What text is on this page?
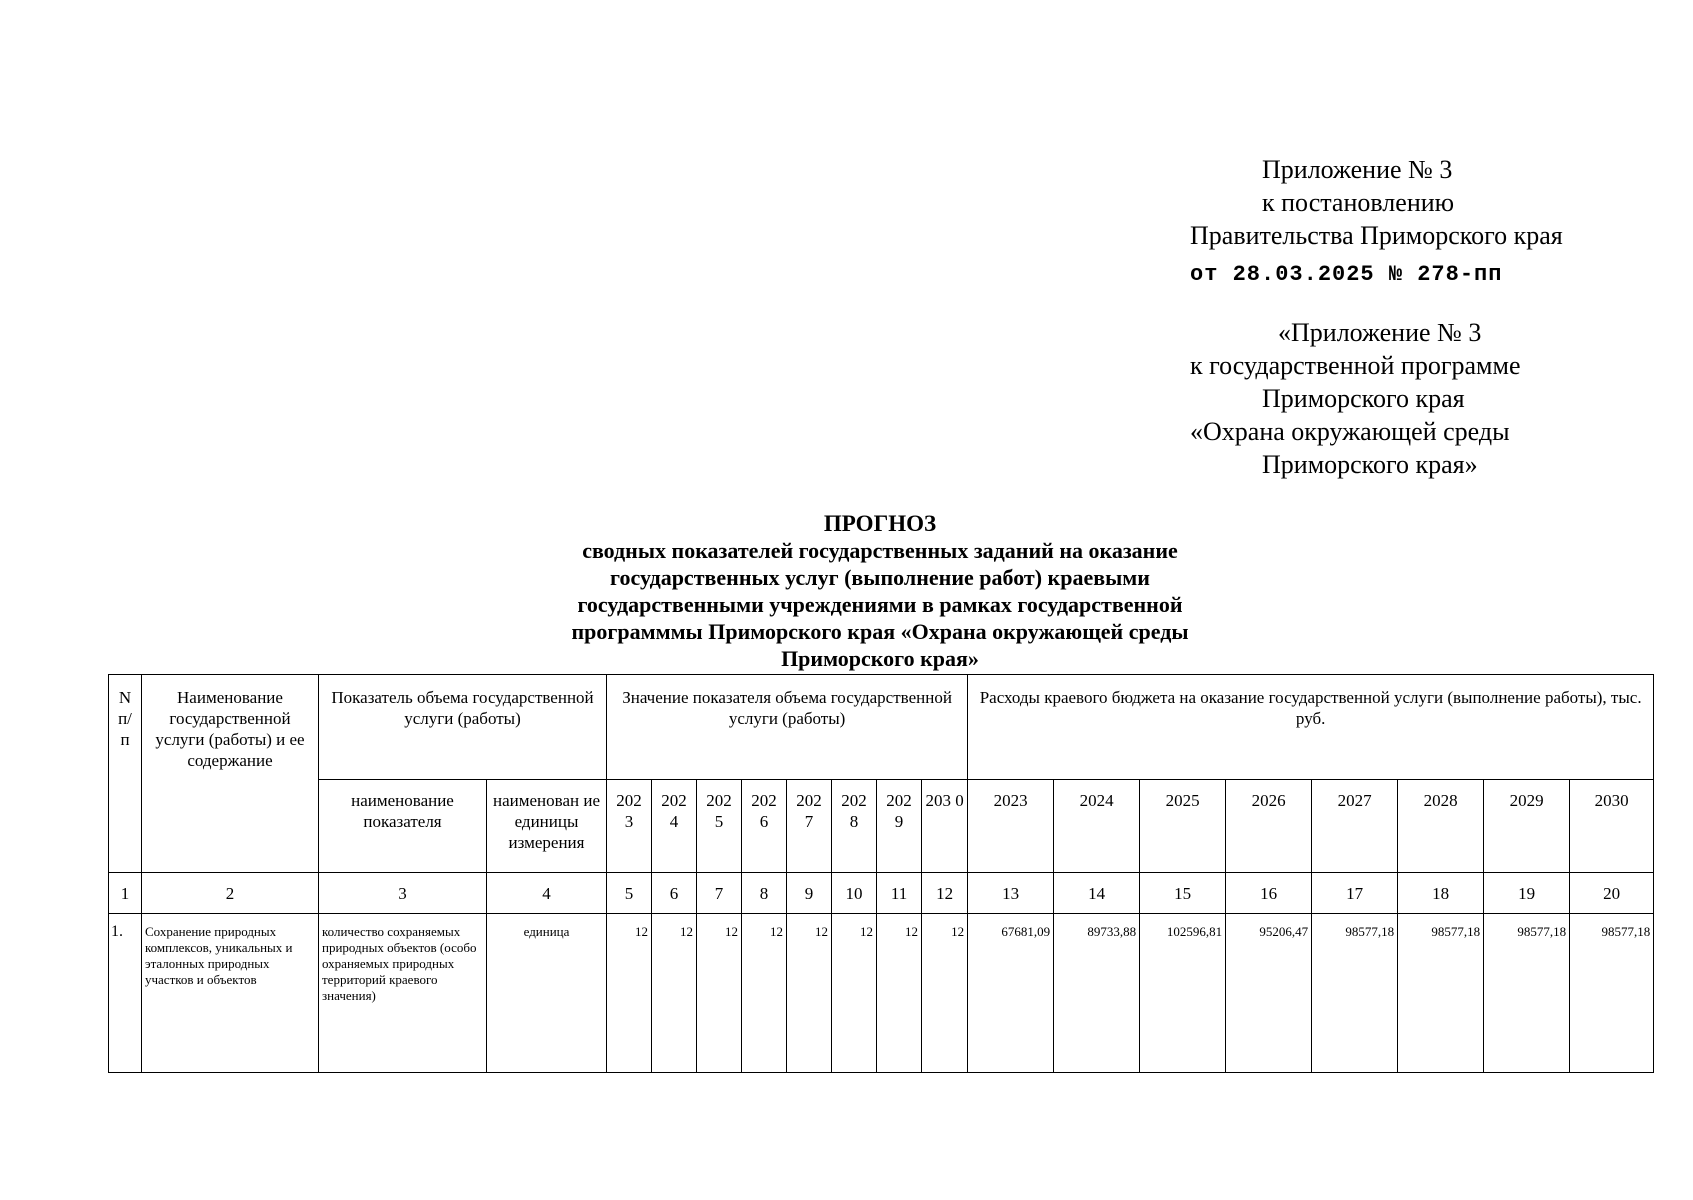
Приложение № 3
к постановлению
Правительства Приморского края
от 28.03.2025 № 278-пп
«Приложение № 3
к государственной программе
Приморского края
«Охрана окружающей среды
Приморского края»
ПРОГНОЗ
сводных показателей государственных заданий на оказание
государственных услуг (выполнение работ) краевыми
государственными учреждениями в рамках государственной
программмы Приморского края «Охрана окружающей среды
Приморского края»
N п/ п	Наименование государственной услуги (работы) и ее содержание	Показатель объема государственной услуги (работы)		Значение показателя объема государственной услуги (работы)								Расходы краевого бюджета на оказание государственной услуги (выполнение работы), тыс. руб.							
		наименование показателя	наименован ие единицы измерения	202 3	202 4	202 5	202 6	202 7	202 8	202 9	203 0	2023	2024	2025	2026	2027	2028	2029	2030
1	2	3	4	5	6	7	8	9	10	11	12	13	14	15	16	17	18	19	20
1.	Сохранение природных комплексов, уникальных и эталонных природных участков и объектов	количество сохраняемых природных объектов (особо охраняемых природных территорий краевого значения)	единица	12	12	12	12	12	12	12	12	67681,09	89733,88	102596,81	95206,47	98577,18	98577,18	98577,18	98577,18
